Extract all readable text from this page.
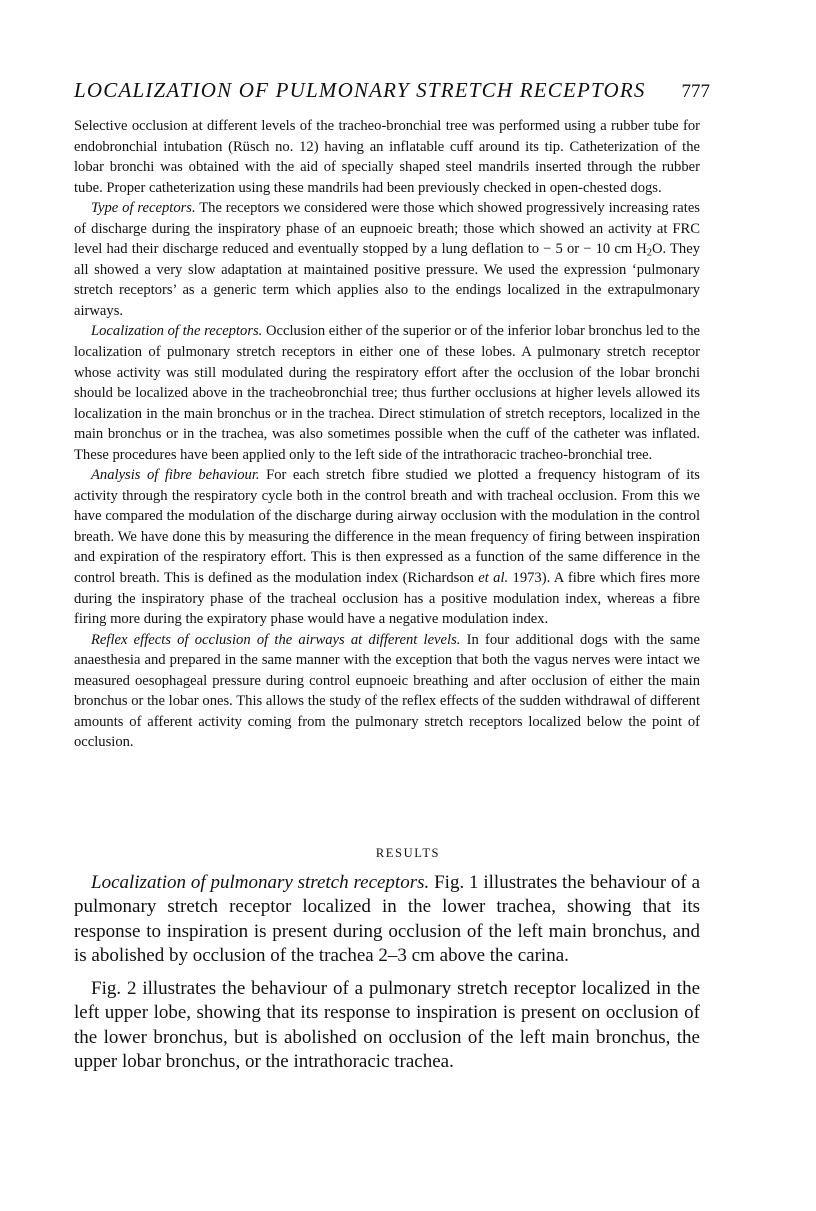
LOCALIZATION OF PULMONARY STRETCH RECEPTORS 777

Selective occlusion at different levels of the tracheo-bronchial tree was performed using a rubber tube for endobronchial intubation (Rüsch no. 12) having an inflatable cuff around its tip. Catheterization of the lobar bronchi was obtained with the aid of specially shaped steel mandrils inserted through the rubber tube. Proper catheterization using these mandrils had been previously checked in open-chested dogs.

Type of receptors. The receptors we considered were those which showed progressively increasing rates of discharge during the inspiratory phase of an eupnoeic breath; those which showed an activity at FRC level had their discharge reduced and eventually stopped by a lung deflation to − 5 or − 10 cm $H_2O$. They all showed a very slow adaptation at maintained positive pressure. We used the expression ‘pulmonary stretch receptors’ as a generic term which applies also to the endings localized in the extrapulmonary airways.

Localization of the receptors. Occlusion either of the superior or of the inferior lobar bronchus led to the localization of pulmonary stretch receptors in either one of these lobes. A pulmonary stretch receptor whose activity was still modulated during the respiratory effort after the occlusion of the lobar bronchi should be localized above in the tracheobronchial tree; thus further occlusions at higher levels allowed its localization in the main bronchus or in the trachea. Direct stimulation of stretch receptors, localized in the main bronchus or in the trachea, was also sometimes possible when the cuff of the catheter was inflated. These procedures have been applied only to the left side of the intrathoracic tracheo-bronchial tree.

Analysis of fibre behaviour. For each stretch fibre studied we plotted a frequency histogram of its activity through the respiratory cycle both in the control breath and with tracheal occlusion. From this we have compared the modulation of the discharge during airway occlusion with the modulation in the control breath. We have done this by measuring the difference in the mean frequency of firing between inspiration and expiration of the respiratory effort. This is then expressed as a function of the same difference in the control breath. This is defined as the modulation index (Richardson et al. 1973). A fibre which fires more during the inspiratory phase of the tracheal occlusion has a positive modulation index, whereas a fibre firing more during the expiratory phase would have a negative modulation index.

Reflex effects of occlusion of the airways at different levels. In four additional dogs with the same anaesthesia and prepared in the same manner with the exception that both the vagus nerves were intact we measured oesophageal pressure during control eupnoeic breathing and after occlusion of either the main bronchus or the lobar ones. This allows the study of the reflex effects of the sudden withdrawal of different amounts of afferent activity coming from the pulmonary stretch receptors localized below the point of occlusion.

RESULTS

Localization of pulmonary stretch receptors. Fig. 1 illustrates the behaviour of a pulmonary stretch receptor localized in the lower trachea, showing that its response to inspiration is present during occlusion of the left main bronchus, and is abolished by occlusion of the trachea 2–3 cm above the carina.

Fig. 2 illustrates the behaviour of a pulmonary stretch receptor localized in the left upper lobe, showing that its response to inspiration is present on occlusion of the lower bronchus, but is abolished on occlusion of the left main bronchus, the upper lobar bronchus, or the intrathoracic trachea.
